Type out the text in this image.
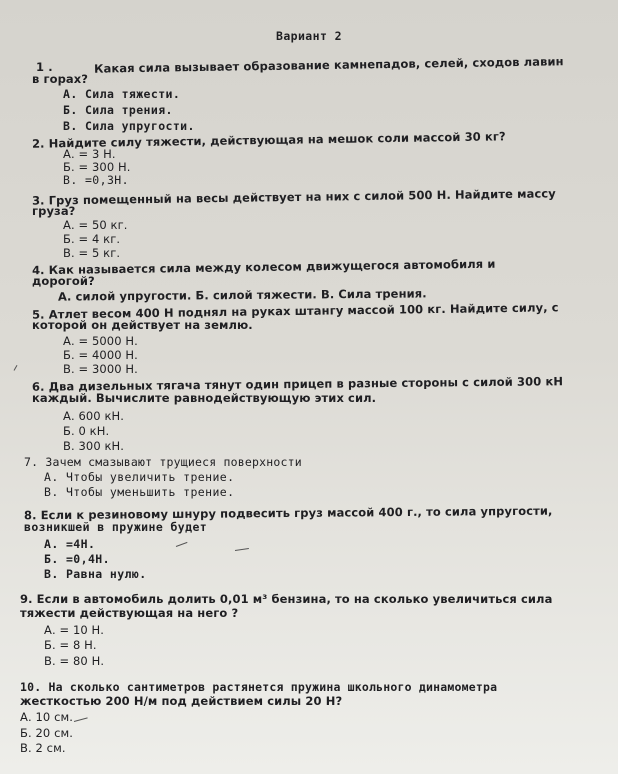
Вариант 2
1 .	Какая сила вызывает образование камнепадов, селей, сходов лавин
в горах?
А. Сила тяжести.
Б. Сила трения.
В. Сила упругости.
2. Найдите силу тяжести, действующая на мешок соли массой 30 кг?
А. = 3 Н.
Б. = 300 Н.
В. =0,3Н.
3. Груз помещенный на весы действует на них с силой 500 Н. Найдите массу
груза?
А. = 50 кг.
Б. = 4 кг.
В. = 5 кг.
4. Как называется сила между колесом движущегося автомобиля и
дорогой?
А. силой упругости. Б. силой тяжести. В. Сила трения.
5. Атлет весом 400 Н поднял на руках штангу массой 100 кг. Найдите силу, с
которой он действует на землю.
А. = 5000 Н.
Б. = 4000 Н.
В. = 3000 Н.
6. Два дизельных тягача тянут один прицеп в разные стороны с силой 300 кН
каждый. Вычислите равнодействующую этих сил.
А. 600 кН.
Б. 0 кН.
В. 300 кН.
7. Зачем смазывают трущиеся поверхности
А. Чтобы увеличить трение.
В. Чтобы уменьшить трение.
8. Если к резиновому шнуру подвесить груз массой 400 г., то сила упругости,
возникшей в пружине будет
А. =4Н.
Б. =0,4Н.
В. Равна нулю.
9. Если в автомобиль долить 0,01 м³ бензина, то на сколько увеличиться сила
тяжести действующая на него ?
А. = 10 Н.
Б. = 8 Н.
В. = 80 Н.
10. На сколько сантиметров растянется пружина школьного динамометра
жесткостью 200 Н/м под действием силы 20 Н?
А. 10 см.
Б. 20 см.
В. 2 см.
